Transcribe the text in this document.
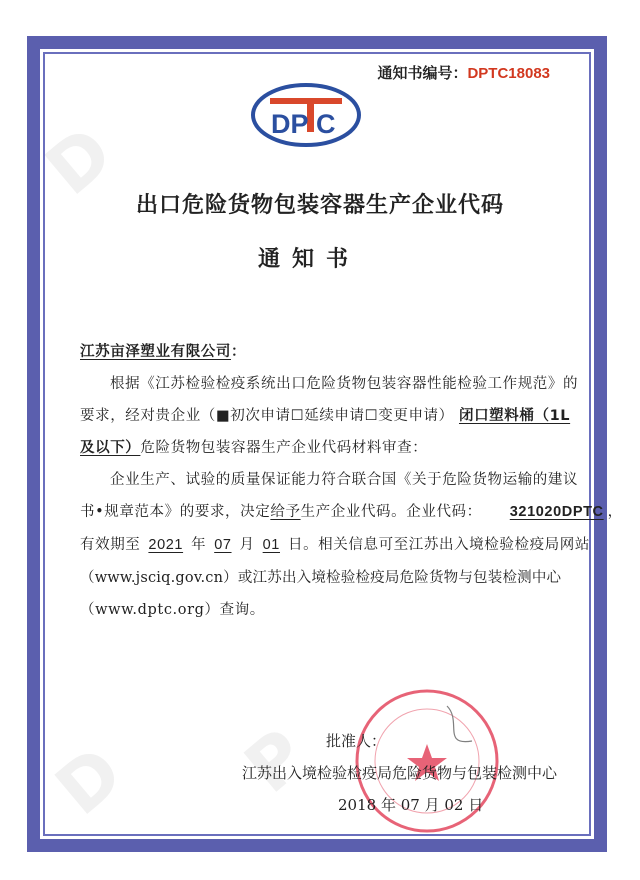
D
D P
通知书编号：DPTC18083
DP C
出口危险货物包装容器生产企业代码
通知书
江苏亩泽塑业有限公司：
根据《江苏检验检疫系统出口危险货物包装容器性能检验工作规范》的
要求，经对贵企业（■初次申请☐延续申请☐变更申请） 闭口塑料桶（1L
及以下）危险货物包装容器生产企业代码材料审查：
企业生产、试验的质量保证能力符合联合国《关于危险货物运输的建议
书•规章范本》的要求，决定给予生产企业代码。企业代码： 321020DPTC ，
有效期至 2021 年 07 月 01 日。相关信息可至江苏出入境检验检疫局网站
（www.jsciq.gov.cn）或江苏出入境检验检疫局危险货物与包装检测中心
（www.dptc.org）查询。
批准人：
江苏出入境检验检疫局危险货物与包装检测中心
2018 年 07 月 02 日
